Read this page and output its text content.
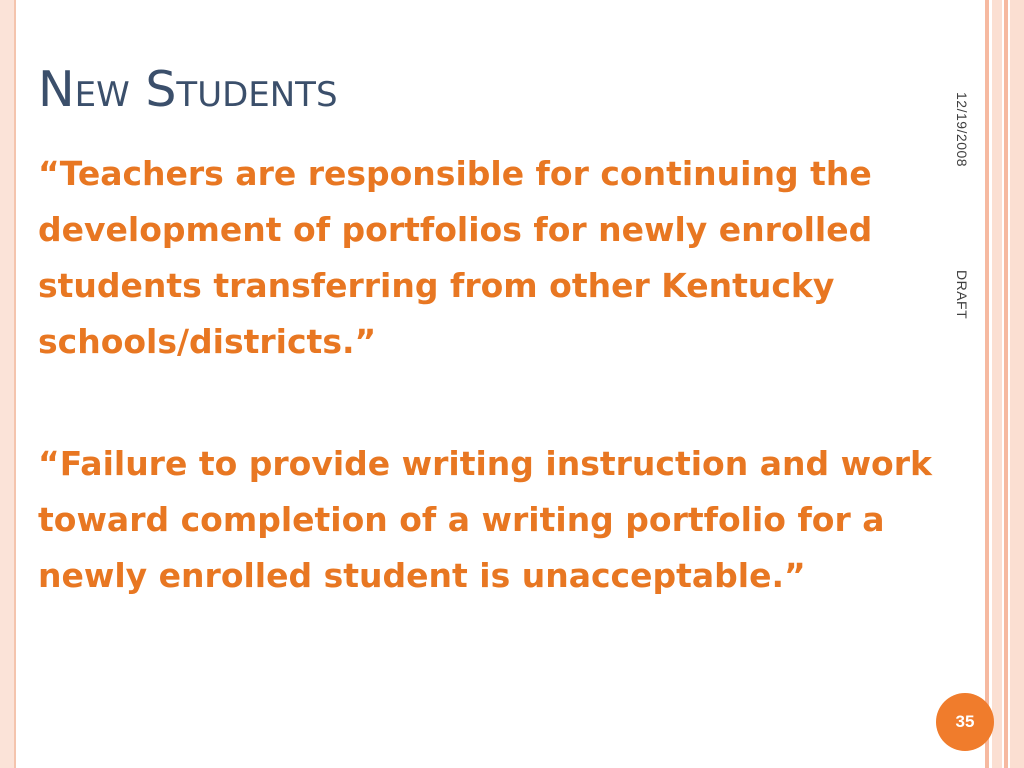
New Students

“Teachers are responsible for continuing the development of portfolios for newly enrolled students transferring from other Kentucky schools/districts.”

“Failure to provide writing instruction and work toward completion of a writing portfolio for a newly enrolled student is unacceptable.”

12/19/2008
DRAFT
35
